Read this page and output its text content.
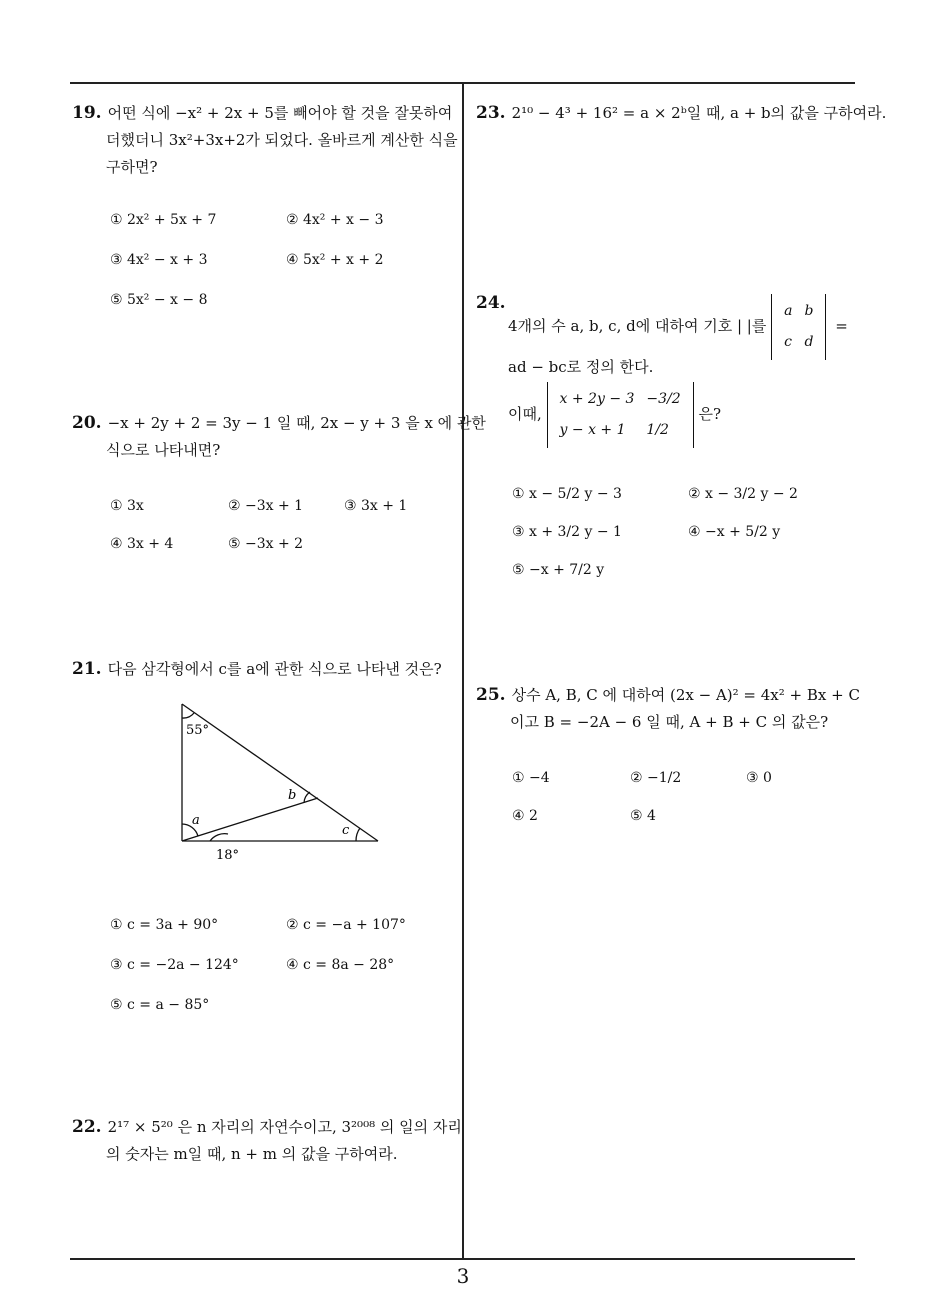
19. 어떤 식에 −x² + 2x + 5를 빼어야 할 것을 잘못하여
더했더니 3x²+3x+2가 되었다. 올바르게 계산한 식을
구하면?
① 2x² + 5x + 7	② 4x² + x − 3
③ 4x² − x + 3	④ 5x² + x + 2
⑤ 5x² − x − 8
20. −x + 2y + 2 = 3y − 1 일 때, 2x − y + 3 을 x 에 관한
식으로 나타내면?
① 3x	② −3x + 1	③ 3x + 1
④ 3x + 4	⑤ −3x + 2
21. 다음 삼각형에서 c를 a에 관한 식으로 나타낸 것은?
55°
18°
a
b
c
① c = 3a + 90°	② c = −a + 107°
③ c = −2a − 124°	④ c = 8a − 28°
⑤ c = a − 85°
22. 2¹⁷ × 5²⁰ 은 n 자리의 자연수이고, 3²⁰⁰⁸ 의 일의 자리
의 숫자는 m일 때, n + m 의 값을 구하여라.
23. 2¹⁰ − 4³ + 16² = a × 2ᵇ일 때, a + b의 값을 구하여라.
24.
4개의 수 a, b, c, d에 대하여 기호 | |를
a	b
c	d
=
ad − bc로 정의 한다.
이때,
x + 2y − 3	−3/2
y − x + 1	1/2
은?
① x − 5/2 y − 3	② x − 3/2 y − 2
③ x + 3/2 y − 1	④ −x + 5/2 y
⑤ −x + 7/2 y
25. 상수 A, B, C 에 대하여 (2x − A)² = 4x² + Bx + C
이고 B = −2A − 6 일 때, A + B + C 의 값은?
① −4	② −1/2	③ 0
④ 2	⑤ 4
3
